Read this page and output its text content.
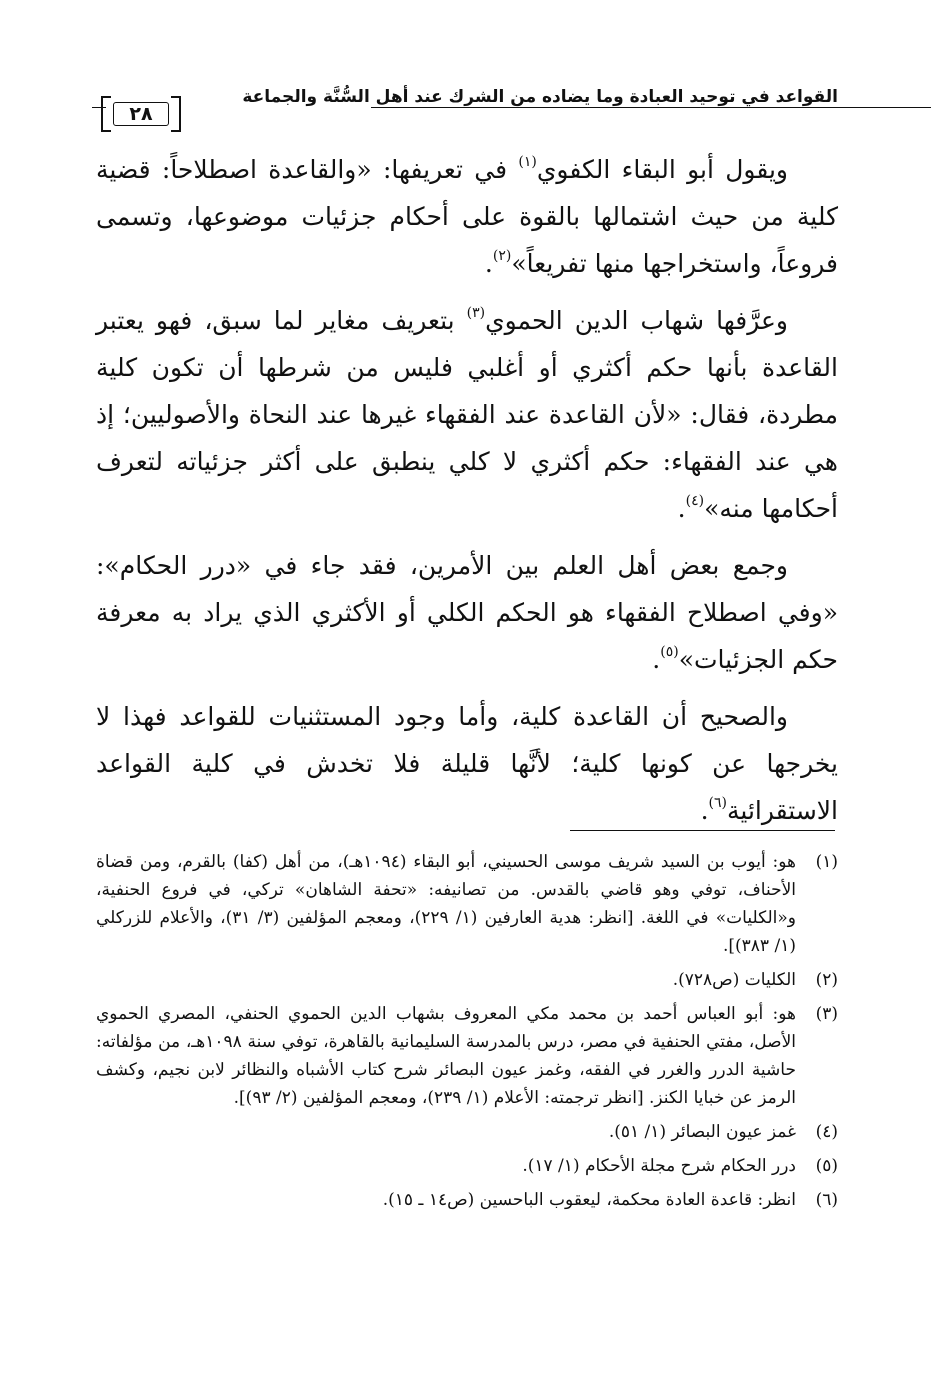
القواعد في توحيد العبادة وما يضاده من الشرك عند أهل السُّنَّة والجماعة
٢٨

ويقول أبو البقاء الكفوي$^{(١)}$ في تعريفها: «والقاعدة اصطلاحاً: قضية كلية من حيث اشتمالها بالقوة على أحكام جزئيات موضوعها، وتسمى فروعاً، واستخراجها منها تفريعاً»$^{(٢)}$.

وعرَّفها شهاب الدين الحموي$^{(٣)}$ بتعريف مغاير لما سبق، فهو يعتبر القاعدة بأنها حكم أكثري أو أغلبي فليس من شرطها أن تكون كلية مطردة، فقال: «لأن القاعدة عند الفقهاء غيرها عند النحاة والأصوليين؛ إذ هي عند الفقهاء: حكم أكثري لا كلي ينطبق على أكثر جزئياته لتعرف أحكامها منه»$^{(٤)}$.

وجمع بعض أهل العلم بين الأمرين، فقد جاء في «درر الحكام»: «وفي اصطلاح الفقهاء هو الحكم الكلي أو الأكثري الذي يراد به معرفة حكم الجزئيات»$^{(٥)}$.

والصحيح أن القاعدة كلية، وأما وجود المستثنيات للقواعد فهذا لا يخرجها عن كونها كلية؛ لأنَّها قليلة فلا تخدش في كلية القواعد الاستقرائية$^{(٦)}$.

(١)
هو: أيوب بن السيد شريف موسى الحسيني، أبو البقاء (١٠٩٤هـ)، من أهل (كفا) بالقرم، ومن قضاة الأحناف، توفي وهو قاضي بالقدس. من تصانيفه: «تحفة الشاهان» تركي، في فروع الحنفية، و«الكليات» في اللغة. [انظر: هدية العارفين (١/ ٢٢٩)، ومعجم المؤلفين (٣/ ٣١)، والأعلام للزركلي (١/ ٣٨٣)].
(٢)
الكليات (ص٧٢٨).
(٣)
هو: أبو العباس أحمد بن محمد مكي المعروف بشهاب الدين الحموي الحنفي، المصري الحموي الأصل، مفتي الحنفية في مصر، درس بالمدرسة السليمانية بالقاهرة، توفي سنة ١٠٩٨هـ، من مؤلفاته: حاشية الدرر والغرر في الفقه، وغمز عيون البصائر شرح كتاب الأشباه والنظائر لابن نجيم، وكشف الرمز عن خبايا الكنز. [انظر ترجمته: الأعلام (١/ ٢٣٩)، ومعجم المؤلفين (٢/ ٩٣)].
(٤)
غمز عيون البصائر (١/ ٥١).
(٥)
درر الحكام شرح مجلة الأحكام (١/ ١٧).
(٦)
انظر: قاعدة العادة محكمة، ليعقوب الباحسين (ص١٤ ـ ١٥).
